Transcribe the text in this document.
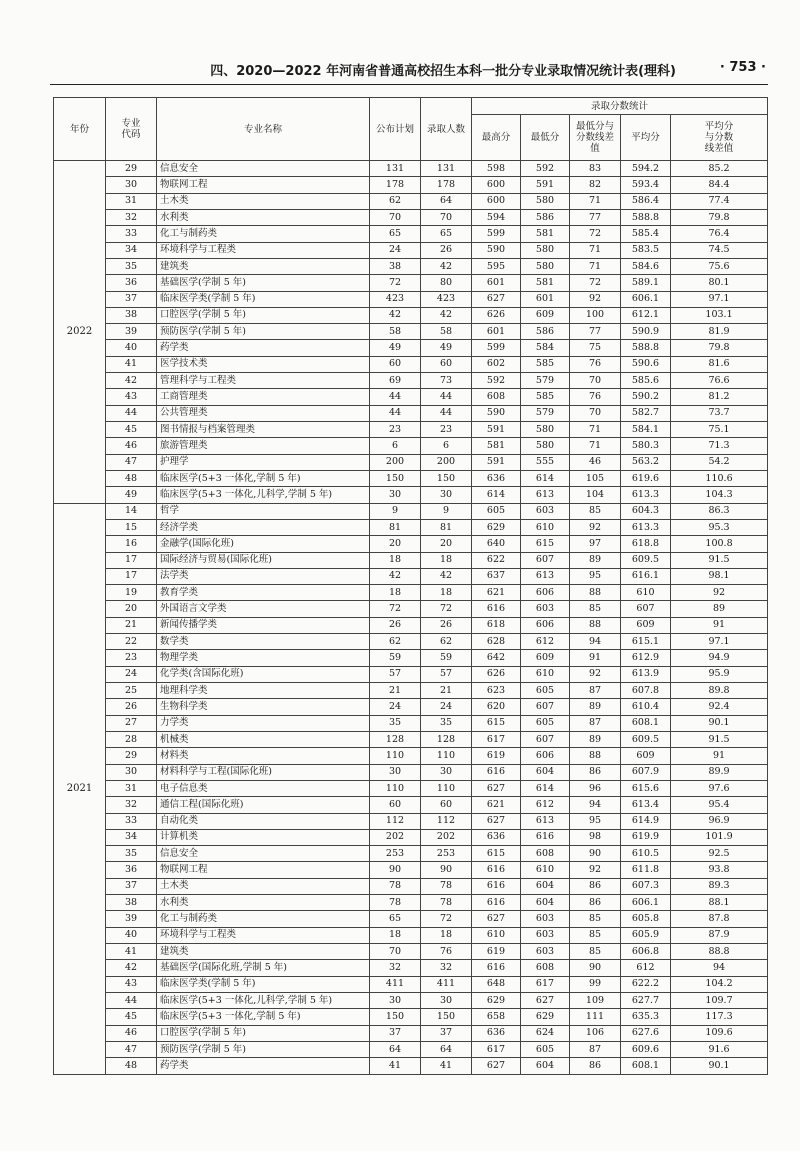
四、2020—2022 年河南省普通高校招生本科一批分专业录取情况统计表(理科)	· 753 ·
年份	专业代码	专业名称	公布计划	录取人数	录取分数统计				
					最高分	最低分	最低分与分数线差值	平均分	平均分与分数线差值
2022	29	信息安全	131	131	598	592	83	594.2	85.2
	30	物联网工程	178	178	600	591	82	593.4	84.4
	31	土木类	62	64	600	580	71	586.4	77.4
	32	水利类	70	70	594	586	77	588.8	79.8
	33	化工与制药类	65	65	599	581	72	585.4	76.4
	34	环境科学与工程类	24	26	590	580	71	583.5	74.5
	35	建筑类	38	42	595	580	71	584.6	75.6
	36	基础医学(学制 5 年)	72	80	601	581	72	589.1	80.1
	37	临床医学类(学制 5 年)	423	423	627	601	92	606.1	97.1
	38	口腔医学(学制 5 年)	42	42	626	609	100	612.1	103.1
	39	预防医学(学制 5 年)	58	58	601	586	77	590.9	81.9
	40	药学类	49	49	599	584	75	588.8	79.8
	41	医学技术类	60	60	602	585	76	590.6	81.6
	42	管理科学与工程类	69	73	592	579	70	585.6	76.6
	43	工商管理类	44	44	608	585	76	590.2	81.2
	44	公共管理类	44	44	590	579	70	582.7	73.7
	45	图书情报与档案管理类	23	23	591	580	71	584.1	75.1
	46	旅游管理类	6	6	581	580	71	580.3	71.3
	47	护理学	200	200	591	555	46	563.2	54.2
	48	临床医学(5+3 一体化,学制 5 年)	150	150	636	614	105	619.6	110.6
	49	临床医学(5+3 一体化,儿科学,学制 5 年)	30	30	614	613	104	613.3	104.3
2021	14	哲学	9	9	605	603	85	604.3	86.3
	15	经济学类	81	81	629	610	92	613.3	95.3
	16	金融学(国际化班)	20	20	640	615	97	618.8	100.8
	17	国际经济与贸易(国际化班)	18	18	622	607	89	609.5	91.5
	17	法学类	42	42	637	613	95	616.1	98.1
	19	教育学类	18	18	621	606	88	610	92
	20	外国语言文学类	72	72	616	603	85	607	89
	21	新闻传播学类	26	26	618	606	88	609	91
	22	数学类	62	62	628	612	94	615.1	97.1
	23	物理学类	59	59	642	609	91	612.9	94.9
	24	化学类(含国际化班)	57	57	626	610	92	613.9	95.9
	25	地理科学类	21	21	623	605	87	607.8	89.8
	26	生物科学类	24	24	620	607	89	610.4	92.4
	27	力学类	35	35	615	605	87	608.1	90.1
	28	机械类	128	128	617	607	89	609.5	91.5
	29	材料类	110	110	619	606	88	609	91
	30	材料科学与工程(国际化班)	30	30	616	604	86	607.9	89.9
	31	电子信息类	110	110	627	614	96	615.6	97.6
	32	通信工程(国际化班)	60	60	621	612	94	613.4	95.4
	33	自动化类	112	112	627	613	95	614.9	96.9
	34	计算机类	202	202	636	616	98	619.9	101.9
	35	信息安全	253	253	615	608	90	610.5	92.5
	36	物联网工程	90	90	616	610	92	611.8	93.8
	37	土木类	78	78	616	604	86	607.3	89.3
	38	水利类	78	78	616	604	86	606.1	88.1
	39	化工与制药类	65	72	627	603	85	605.8	87.8
	40	环境科学与工程类	18	18	610	603	85	605.9	87.9
	41	建筑类	70	76	619	603	85	606.8	88.8
	42	基础医学(国际化班,学制 5 年)	32	32	616	608	90	612	94
	43	临床医学类(学制 5 年)	411	411	648	617	99	622.2	104.2
	44	临床医学(5+3 一体化,儿科学,学制 5 年)	30	30	629	627	109	627.7	109.7
	45	临床医学(5+3 一体化,学制 5 年)	150	150	658	629	111	635.3	117.3
	46	口腔医学(学制 5 年)	37	37	636	624	106	627.6	109.6
	47	预防医学(学制 5 年)	64	64	617	605	87	609.6	91.6
	48	药学类	41	41	627	604	86	608.1	90.1
